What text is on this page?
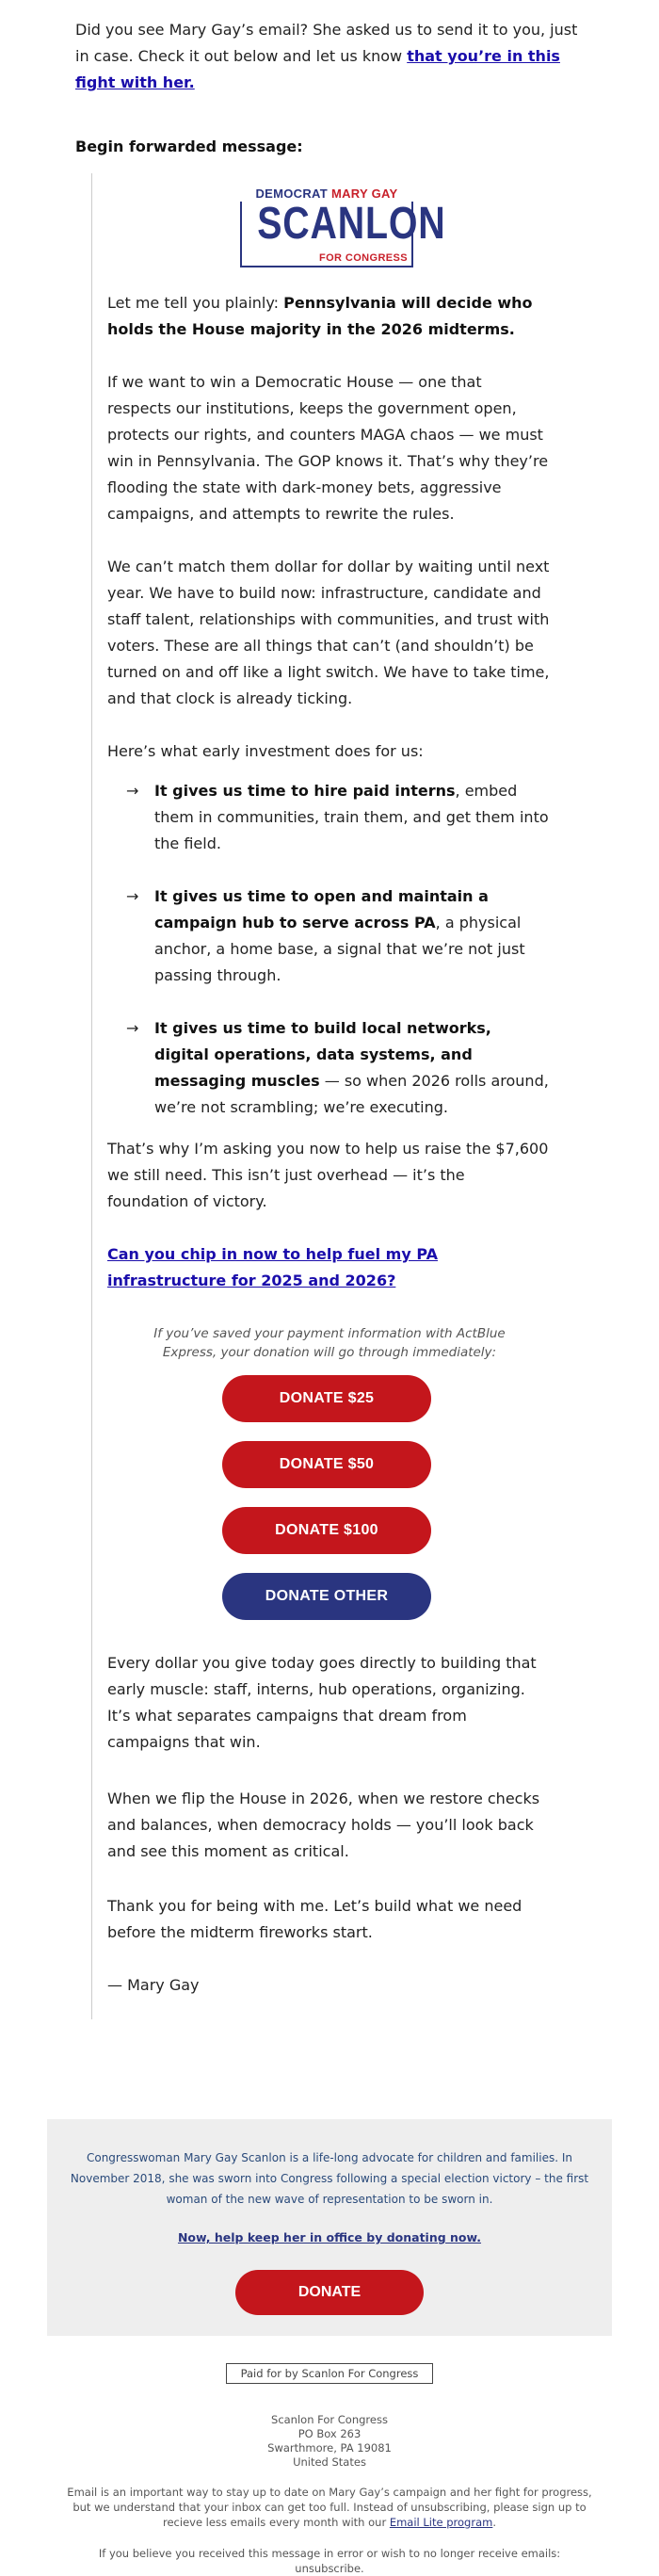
Did you see Mary Gay’s email? She asked us to send it to you, just in case. Check it out below and let us know that you’re in this fight with her.

Begin forwarded message:
DEMOCRAT MARY GAY
SCANLON
FOR CONGRESS

Let me tell you plainly: Pennsylvania will decide who holds the House majority in the 2026 midterms.

If we want to win a Democratic House — one that respects our institutions, keeps the government open, protects our rights, and counters MAGA chaos — we must win in Pennsylvania. The GOP knows it. That’s why they’re flooding the state with dark-money bets, aggressive campaigns, and attempts to rewrite the rules.

We can’t match them dollar for dollar by waiting until next year. We have to build now: infrastructure, candidate and staff talent, relationships with communities, and trust with voters. These are all things that can’t (and shouldn’t) be turned on and off like a light switch. We have to take time, and that clock is already ticking.

Here’s what early investment does for us:

→ It gives us time to hire paid interns, embed them in communities, train them, and get them into the field.

→ It gives us time to open and maintain a campaign hub to serve across PA, a physical anchor, a home base, a signal that we’re not just passing through.

→ It gives us time to build local networks, digital operations, data systems, and messaging muscles — so when 2026 rolls around, we’re not scrambling; we’re executing.

That’s why I’m asking you now to help us raise the $7,600 we still need. This isn’t just overhead — it’s the foundation of victory.

Can you chip in now to help fuel my PA infrastructure for 2025 and 2026?

If you’ve saved your payment information with ActBlue Express, your donation will go through immediately:

DONATE $25
DONATE $50
DONATE $100
DONATE OTHER

Every dollar you give today goes directly to building that early muscle: staff, interns, hub operations, organizing. It’s what separates campaigns that dream from campaigns that win.

When we flip the House in 2026, when we restore checks and balances, when democracy holds — you’ll look back and see this moment as critical.

Thank you for being with me. Let’s build what we need before the midterm fireworks start.

— Mary Gay

Congresswoman Mary Gay Scanlon is a life-long advocate for children and families. In November 2018, she was sworn into Congress following a special election victory – the first woman of the new wave of representation to be sworn in.

Now, help keep her in office by donating now.
DONATE
Paid for by Scanlon For Congress
Scanlon For Congress
PO Box 263
Swarthmore, PA 19081
United States

Email is an important way to stay up to date on Mary Gay’s campaign and her fight for progress, but we understand that your inbox can get too full. Instead of unsubscribing, please sign up to recieve less emails every month with our Email Lite program.

If you believe you received this message in error or wish to no longer receive emails: unsubscribe.
